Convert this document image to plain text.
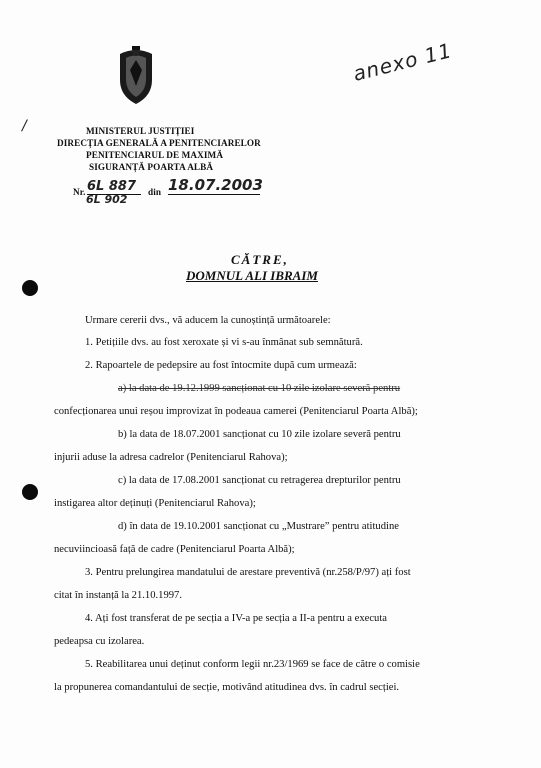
anexo 11
/	MINISTERUL JUSTIȚIEI
DIRECȚIA GENERALĂ A PENITENCIARELOR
PENITENCIARUL DE MAXIMĂ
SIGURANȚĂ POARTA ALBĂ
Nr. 6L 887
6L 902
din 18.07.2003
CĂTRE,
DOMNUL ALI IBRAIM
Urmare cererii dvs., vă aducem la cunoștință următoarele:
1. Petițiile dvs. au fost xeroxate și vi s-au înmânat sub semnătură.
2. Rapoartele de pedepsire au fost întocmite după cum urmează:
a) la data de 19.12.1999 sancționat cu 10 zile izolare severă pentru
confecționarea unui reșou improvizat în podeaua camerei (Penitenciarul Poarta Albă);
b) la data de 18.07.2001 sancționat cu 10 zile izolare severă pentru
injurii aduse la adresa cadrelor (Penitenciarul Rahova);
c) la data de 17.08.2001 sancționat cu retragerea drepturilor pentru
instigarea altor deținuți (Penitenciarul Rahova);
d) în data de 19.10.2001 sancționat cu „Mustrare” pentru atitudine
necuviincioasă față de cadre (Penitenciarul Poarta Albă);
3. Pentru prelungirea mandatului de arestare preventivă (nr.258/P/97) ați fost
citat în instanță la 21.10.1997.
4. Ați fost transferat de pe secția a IV-a pe secția a II-a pentru a executa
pedeapsa cu izolarea.
5. Reabilitarea unui deținut conform legii nr.23/1969 se face de către o comisie
la propunerea comandantului de secție, motivând atitudinea dvs. în cadrul secției.
